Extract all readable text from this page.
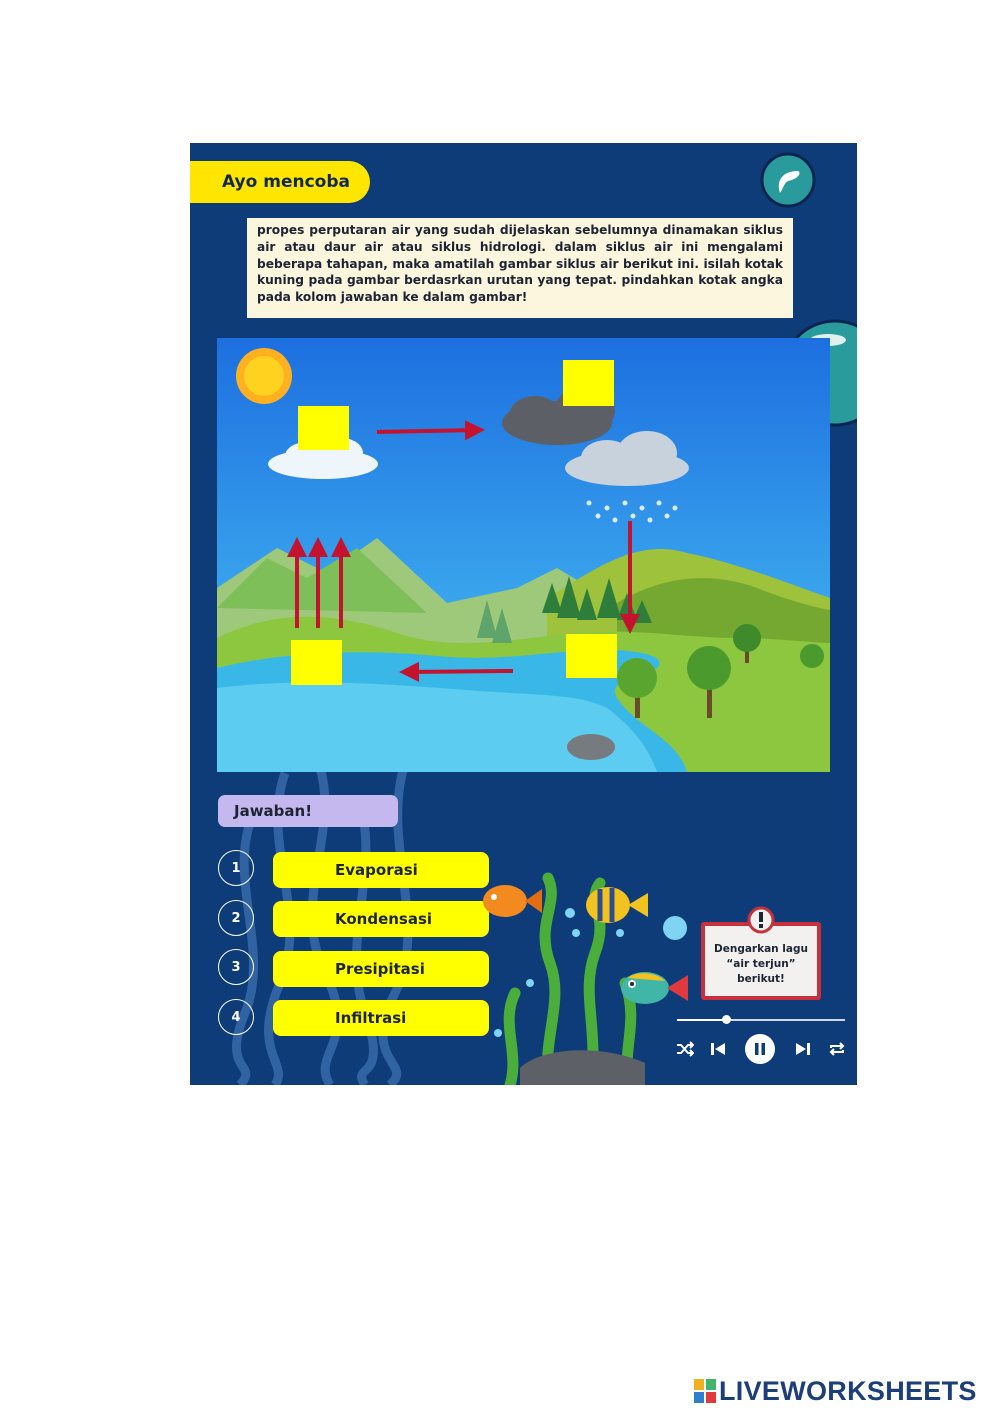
Ayo mencoba
propes perputaran air yang sudah dijelaskan sebelumnya dinamakan siklus air atau daur air atau siklus hidrologi. dalam siklus air ini mengalami beberapa tahapan, maka amatilah gambar siklus air berikut ini. isilah kotak kuning pada gambar berdasrkan urutan yang tepat. pindahkan kotak angka pada kolom jawaban ke dalam gambar!
Jawaban!
1
2
3
4
Evaporasi
Kondensasi
Presipitasi
Infiltrasi
Dengarkan lagu
“air terjun”
berikut!
LIVEWORKSHEETS
